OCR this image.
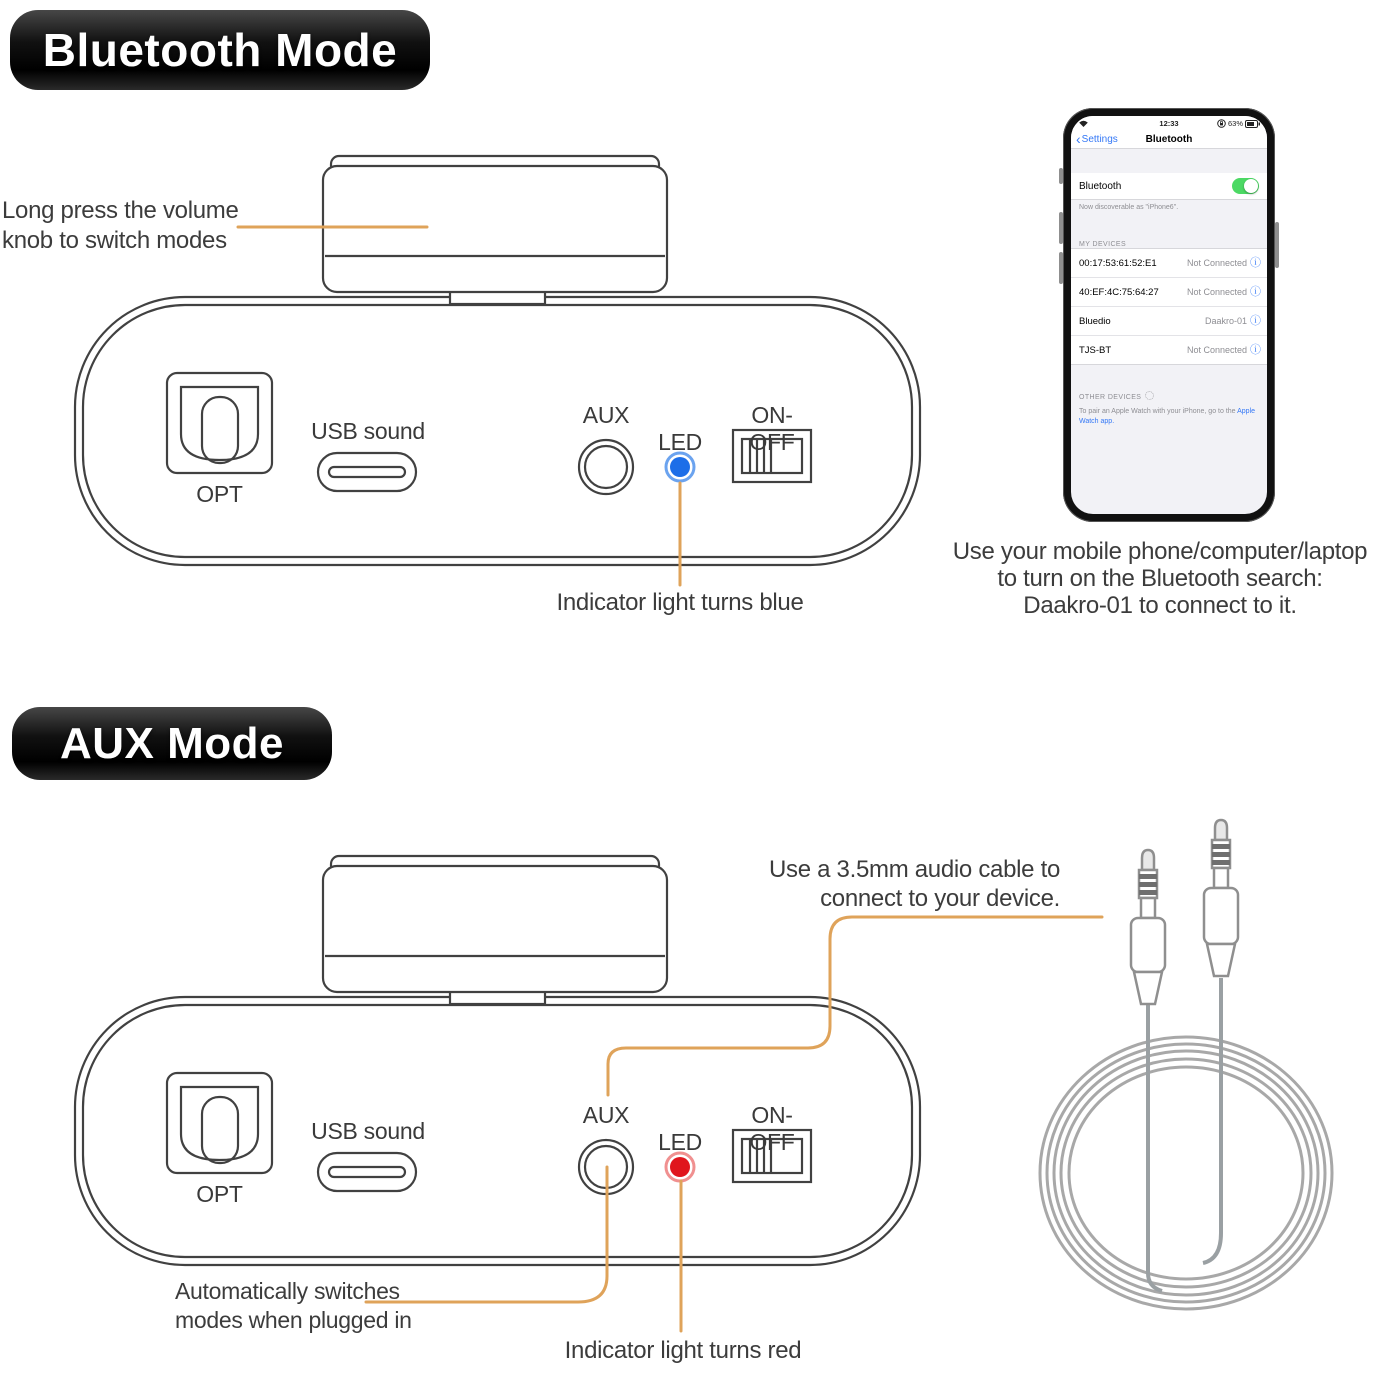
Bluetooth Mode
Long press the volume
knob to switch modes
OPT
USB sound
AUX
LED
ON-OFF
Indicator light turns blue
Use your mobile phone/computer/laptop
to turn on the Bluetooth search:
Daakro-01 to connect to it.
12:33	63%
‹ Settings	Bluetooth
Bluetooth
Now discoverable as "iPhone6".
MY DEVICES
00:17:53:61:52:E1	Not Connected ⓘ
40:EF:4C:75:64:27	Not Connected ⓘ
Bluedio	Daakro-01 ⓘ
TJS-BT	Not Connected ⓘ
OTHER DEVICES
To pair an Apple Watch with your iPhone, go to the Apple Watch app.
AUX Mode
Use a 3.5mm audio cable to
connect to your device.
OPT
USB sound
AUX
LED
ON-OFF
Automatically switches
modes when plugged in
Indicator light turns red
